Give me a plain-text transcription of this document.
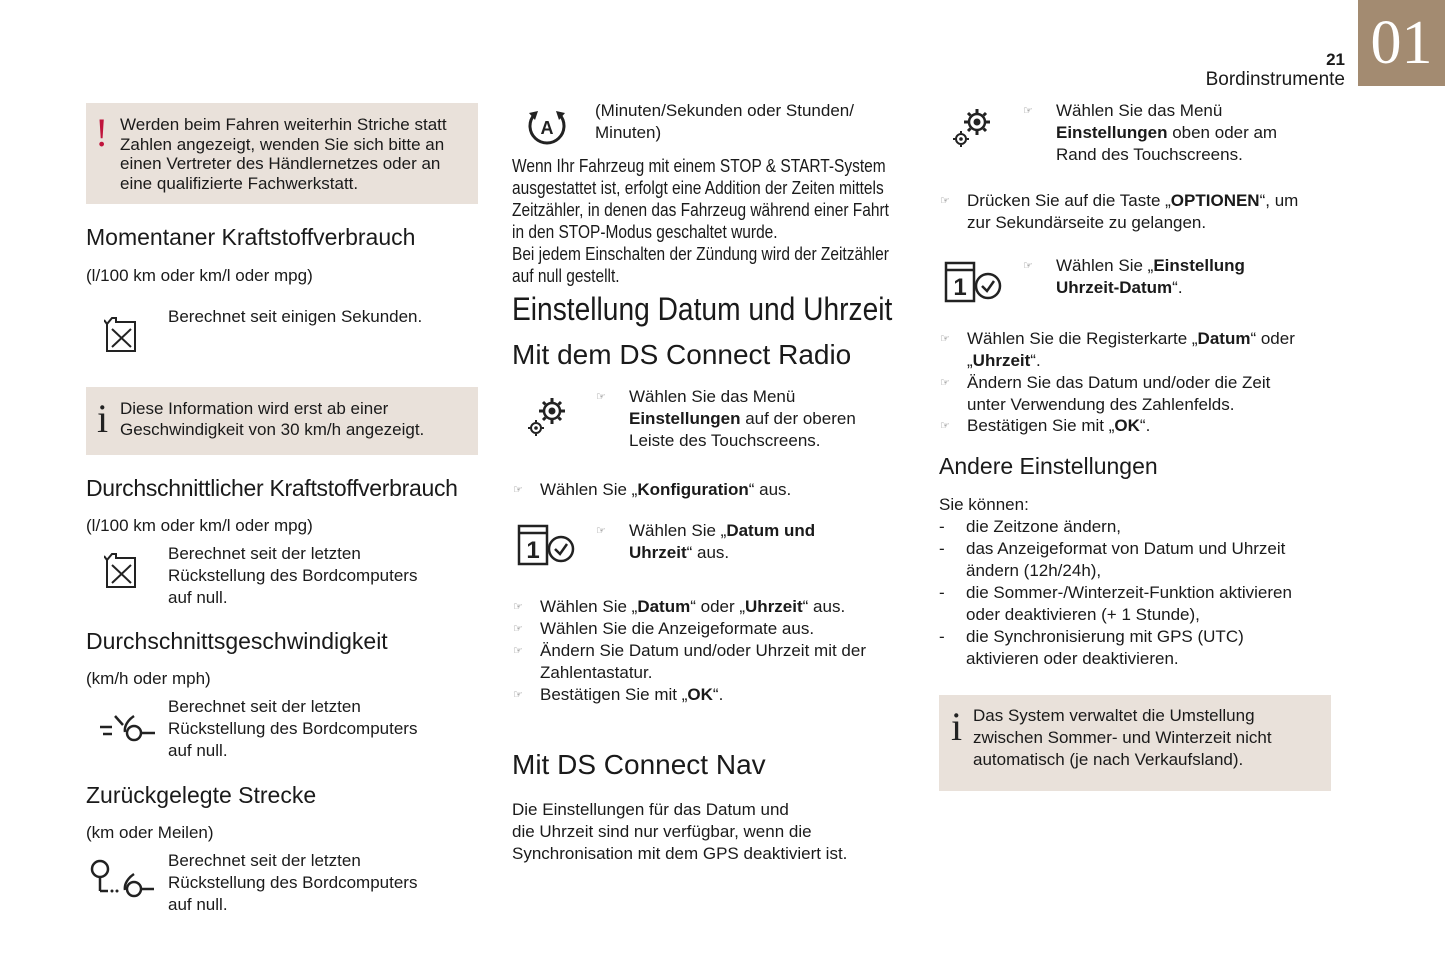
21
Bordinstrumente
01
! Werden beim Fahren weiterhin Striche statt
Zahlen angezeigt, wenden Sie sich bitte an
einen Vertreter des Händlernetzes oder an
eine qualifizierte Fachwerkstatt.
Momentaner Kraftstoffverbrauch
(l/100 km oder km/l oder mpg)
Berechnet seit einigen Sekunden.
i Diese Information wird erst ab einer
Geschwindigkeit von 30 km/h angezeigt.
Durchschnittlicher Kraftstoffverbrauch
(l/100 km oder km/l oder mpg)
Berechnet seit der letzten
Rückstellung des Bordcomputers
auf null.
Durchschnittsgeschwindigkeit
(km/h oder mph)
Berechnet seit der letzten
Rückstellung des Bordcomputers
auf null.
Zurückgelegte Strecke
(km oder Meilen)
Berechnet seit der letzten
Rückstellung des Bordcomputers
auf null.
A
(Minuten/Sekunden oder Stunden/
Minuten)
Wenn Ihr Fahrzeug mit einem STOP & START-System
ausgestattet ist, erfolgt eine Addition der Zeiten mittels
Zeitzähler, in denen das Fahrzeug während einer Fahrt
in den STOP-Modus geschaltet wurde.
Bei jedem Einschalten der Zündung wird der Zeitzähler
auf null gestellt.
Einstellung Datum und Uhrzeit
Mit dem DS Connect Radio
☞ Wählen Sie das Menü
Einstellungen auf der oberen
Leiste des Touchscreens.
☞ Wählen Sie „Konfiguration“ aus.
1
☞ Wählen Sie „Datum und
Uhrzeit“ aus.
☞ Wählen Sie „Datum“ oder „Uhrzeit“ aus.
☞ Wählen Sie die Anzeigeformate aus.
☞ Ändern Sie Datum und/oder Uhrzeit mit der
Zahlentastatur.
☞ Bestätigen Sie mit „OK“.
Mit DS Connect Nav
Die Einstellungen für das Datum und
die Uhrzeit sind nur verfügbar, wenn die
Synchronisation mit dem GPS deaktiviert ist.
☞ Wählen Sie das Menü
Einstellungen oben oder am
Rand des Touchscreens.
☞ Drücken Sie auf die Taste „OPTIONEN“, um
zur Sekundärseite zu gelangen.
1
☞ Wählen Sie „Einstellung
Uhrzeit-Datum“.
☞ Wählen Sie die Registerkarte „Datum“ oder
„Uhrzeit“.
☞ Ändern Sie das Datum und/oder die Zeit
unter Verwendung des Zahlenfelds.
☞ Bestätigen Sie mit „OK“.
Andere Einstellungen
Sie können:
- die Zeitzone ändern,
- das Anzeigeformat von Datum und Uhrzeit
ändern (12h/24h),
- die Sommer-/Winterzeit-Funktion aktivieren
oder deaktivieren (+ 1 Stunde),
- die Synchronisierung mit GPS (UTC)
aktivieren oder deaktivieren.
i Das System verwaltet die Umstellung
zwischen Sommer- und Winterzeit nicht
automatisch (je nach Verkaufsland).
